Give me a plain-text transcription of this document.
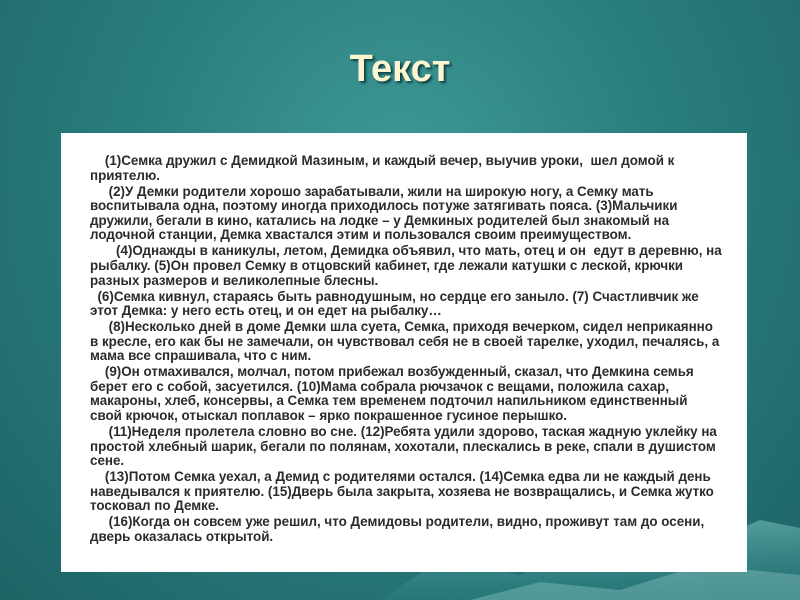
Текст

(1)Семка дружил с Демидкой Мазиным, и каждый вечер, выучив уроки,  шел домой к приятелю.

(2)У Демки родители хорошо зарабатывали, жили на широкую ногу, а Семку мать воспитывала одна, поэтому иногда приходилось потуже затягивать пояса. (3)Мальчики дружили, бегали в кино, катались на лодке – у Демкиных родителей был знакомый на лодочной станции, Демка хвастался этим и пользовался своим преимуществом.

(4)Однажды в каникулы, летом, Демидка объявил, что мать, отец и он  едут в деревню, на рыбалку. (5)Он провел Семку в отцовский кабинет, где лежали катушки с леской, крючки разных размеров и великолепные блесны.

(6)Семка кивнул, стараясь быть равнодушным, но сердце его заныло. (7) Счастливчик же этот Демка: у него есть отец, и он едет на рыбалку…

(8)Несколько дней в доме Демки шла суета, Семка, приходя вечерком, сидел неприкаянно в кресле, его как бы не замечали, он чувствовал себя не в своей тарелке, уходил, печалясь, а мама все спрашивала, что с ним.

(9)Он отмахивался, молчал, потом прибежал возбужденный, сказал, что Демкина семья берет его с собой, засуетился. (10)Мама собрала рючзачок с вещами, положила сахар, макароны, хлеб, консервы, а Семка тем временем подточил напильником единственный свой крючок, отыскал поплавок – ярко покрашенное гусиное перышко.

(11)Неделя пролетела словно во сне. (12)Ребята удили здорово, таская жадную уклейку на простой хлебный шарик, бегали по полянам, хохотали, плескались в реке, спали в душистом сене.

(13)Потом Семка уехал, а Демид с родителями остался. (14)Семка едва ли не каждый день наведывался к приятелю. (15)Дверь была закрыта, хозяева не возвращались, и Семка жутко тосковал по Демке.

(16)Когда он совсем уже решил, что Демидовы родители, видно, проживут там до осени, дверь оказалась открытой.
